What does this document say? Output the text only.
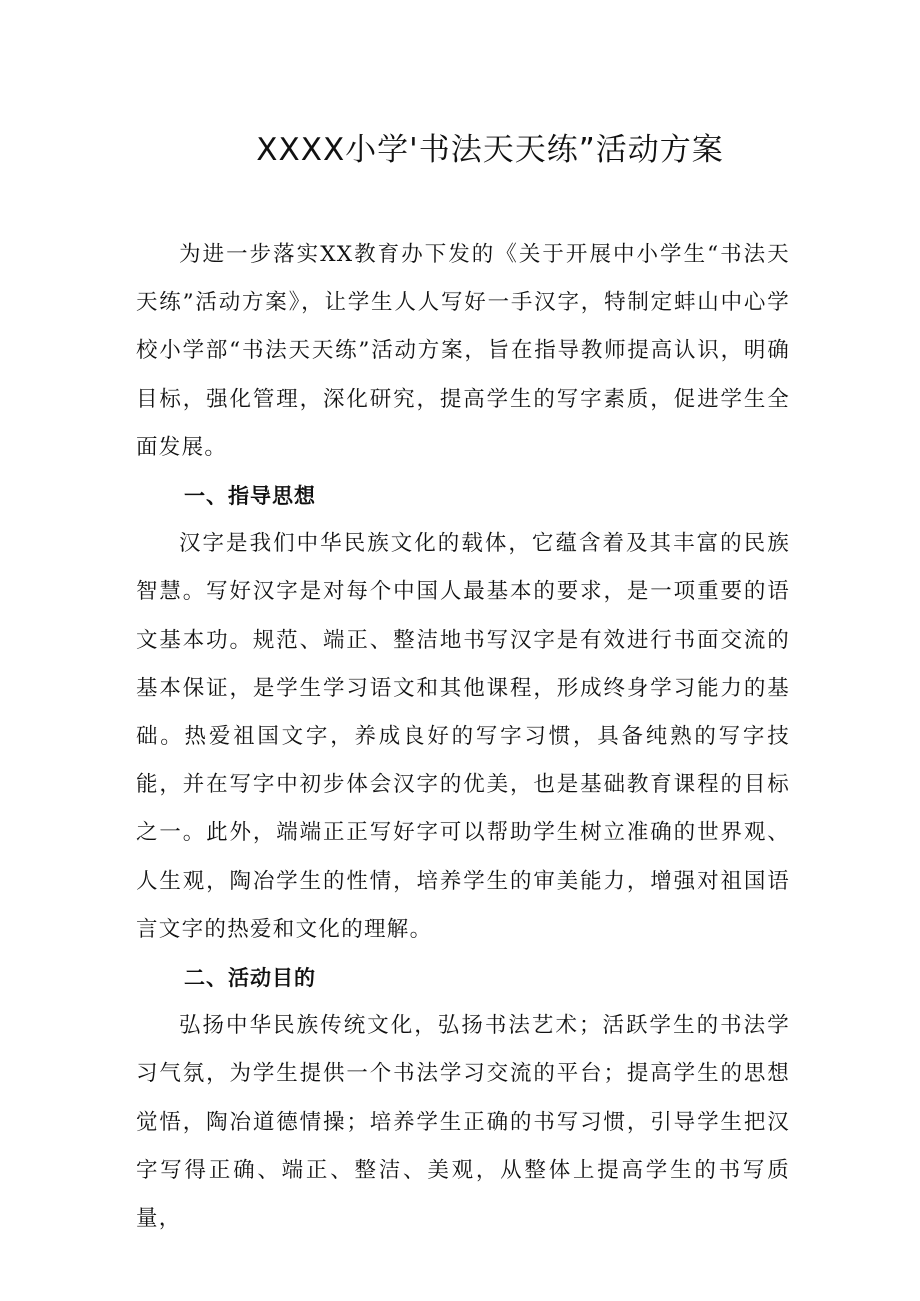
XXXX小学'书法天天练”活动方案

为进一步落实XX教育办下发的《关于开展中小学生“书法天天练”活动方案》，让学生人人写好一手汉字，特制定蚌山中心学校小学部“书法天天练”活动方案，旨在指导教师提高认识，明确目标，强化管理，深化研究，提高学生的写字素质，促进学生全面发展。

一、指导思想

汉字是我们中华民族文化的载体，它蕴含着及其丰富的民族智慧。写好汉字是对每个中国人最基本的要求，是一项重要的语文基本功。规范、端正、整洁地书写汉字是有效进行书面交流的基本保证，是学生学习语文和其他课程，形成终身学习能力的基础。热爱祖国文字，养成良好的写字习惯，具备纯熟的写字技能，并在写字中初步体会汉字的优美，也是基础教育课程的目标之一。此外，端端正正写好字可以帮助学生树立准确的世界观、人生观，陶冶学生的性情，培养学生的审美能力，增强对祖国语言文字的热爱和文化的理解。

二、活动目的

弘扬中华民族传统文化，弘扬书法艺术；活跃学生的书法学习气氛，为学生提供一个书法学习交流的平台；提高学生的思想觉悟，陶冶道德情操；培养学生正确的书写习惯，引导学生把汉字写得正确、端正、整洁、美观，从整体上提高学生的书写质量，
